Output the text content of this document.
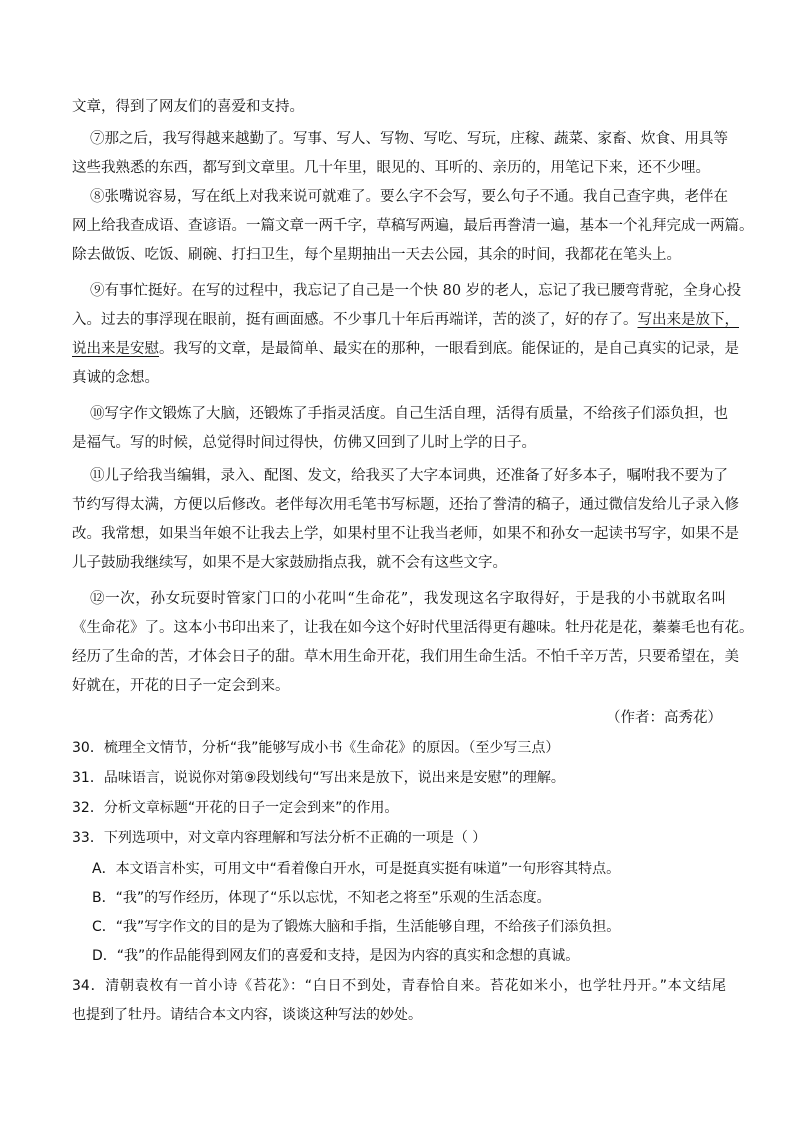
文章，得到了网友们的喜爱和支持。
⑦那之后，我写得越来越勤了。写事、写人、写物、写吃、写玩，庄稼、蔬菜、家畜、炊食、用具等
这些我熟悉的东西，都写到文章里。几十年里，眼见的、耳听的、亲历的，用笔记下来，还不少哩。
⑧张嘴说容易，写在纸上对我来说可就难了。要么字不会写，要么句子不通。我自己查字典，老伴在
网上给我查成语、查谚语。一篇文章一两千字，草稿写两遍，最后再誊清一遍，基本一个礼拜完成一两篇。
除去做饭、吃饭、刷碗、打扫卫生，每个星期抽出一天去公园，其余的时间，我都花在笔头上。
⑨有事忙挺好。在写的过程中，我忘记了自己是一个快 80 岁的老人，忘记了我已腰弯背驼，全身心投
入。过去的事浮现在眼前，挺有画面感。不少事几十年后再端详，苦的淡了，好的存了。写出来是放下，
说出来是安慰。我写的文章，是最简单、最实在的那种，一眼看到底。能保证的，是自己真实的记录，是
真诚的念想。
⑩写字作文锻炼了大脑，还锻炼了手指灵活度。自己生活自理，活得有质量，不给孩子们添负担，也
是福气。写的时候，总觉得时间过得快，仿佛又回到了儿时上学的日子。
⑪儿子给我当编辑，录入、配图、发文，给我买了大字本词典，还准备了好多本子，嘱咐我不要为了
节约写得太满，方便以后修改。老伴每次用毛笔书写标题，还抬了誊清的稿子，通过微信发给儿子录入修
改。我常想，如果当年娘不让我去上学，如果村里不让我当老师，如果不和孙女一起读书写字，如果不是
儿子鼓励我继续写，如果不是大家鼓励指点我，就不会有这些文字。
⑫一次，孙女玩耍时管家门口的小花叫“生命花”，我发现这名字取得好，于是我的小书就取名叫
《生命花》了。这本小书印出来了，让我在如今这个好时代里活得更有趣味。牡丹花是花，蓁蓁毛也有花。
经历了生命的苦，才体会日子的甜。草木用生命开花，我们用生命生活。不怕千辛万苦，只要希望在，美
好就在，开花的日子一定会到来。
（作者：高秀花）
30．梳理全文情节，分析“我”能够写成小书《生命花》的原因。（至少写三点）
31．品味语言，说说你对第⑨段划线句“写出来是放下，说出来是安慰”的理解。
32．分析文章标题“开花的日子一定会到来”的作用。
33．下列选项中，对文章内容理解和写法分析不正确的一项是（ ）
A．本文语言朴实，可用文中“看着像白开水，可是挺真实挺有味道”一句形容其特点。
B．“我”的写作经历，体现了“乐以忘忧，不知老之将至”乐观的生活态度。
C．“我”写字作文的目的是为了锻炼大脑和手指，生活能够自理，不给孩子们添负担。
D．“我”的作品能得到网友们的喜爱和支持，是因为内容的真实和念想的真诚。
34．清朝袁枚有一首小诗《苔花》：“白日不到处，青春恰自来。苔花如米小，也学牡丹开。”本文结尾
也提到了牡丹。请结合本文内容，谈谈这种写法的妙处。
